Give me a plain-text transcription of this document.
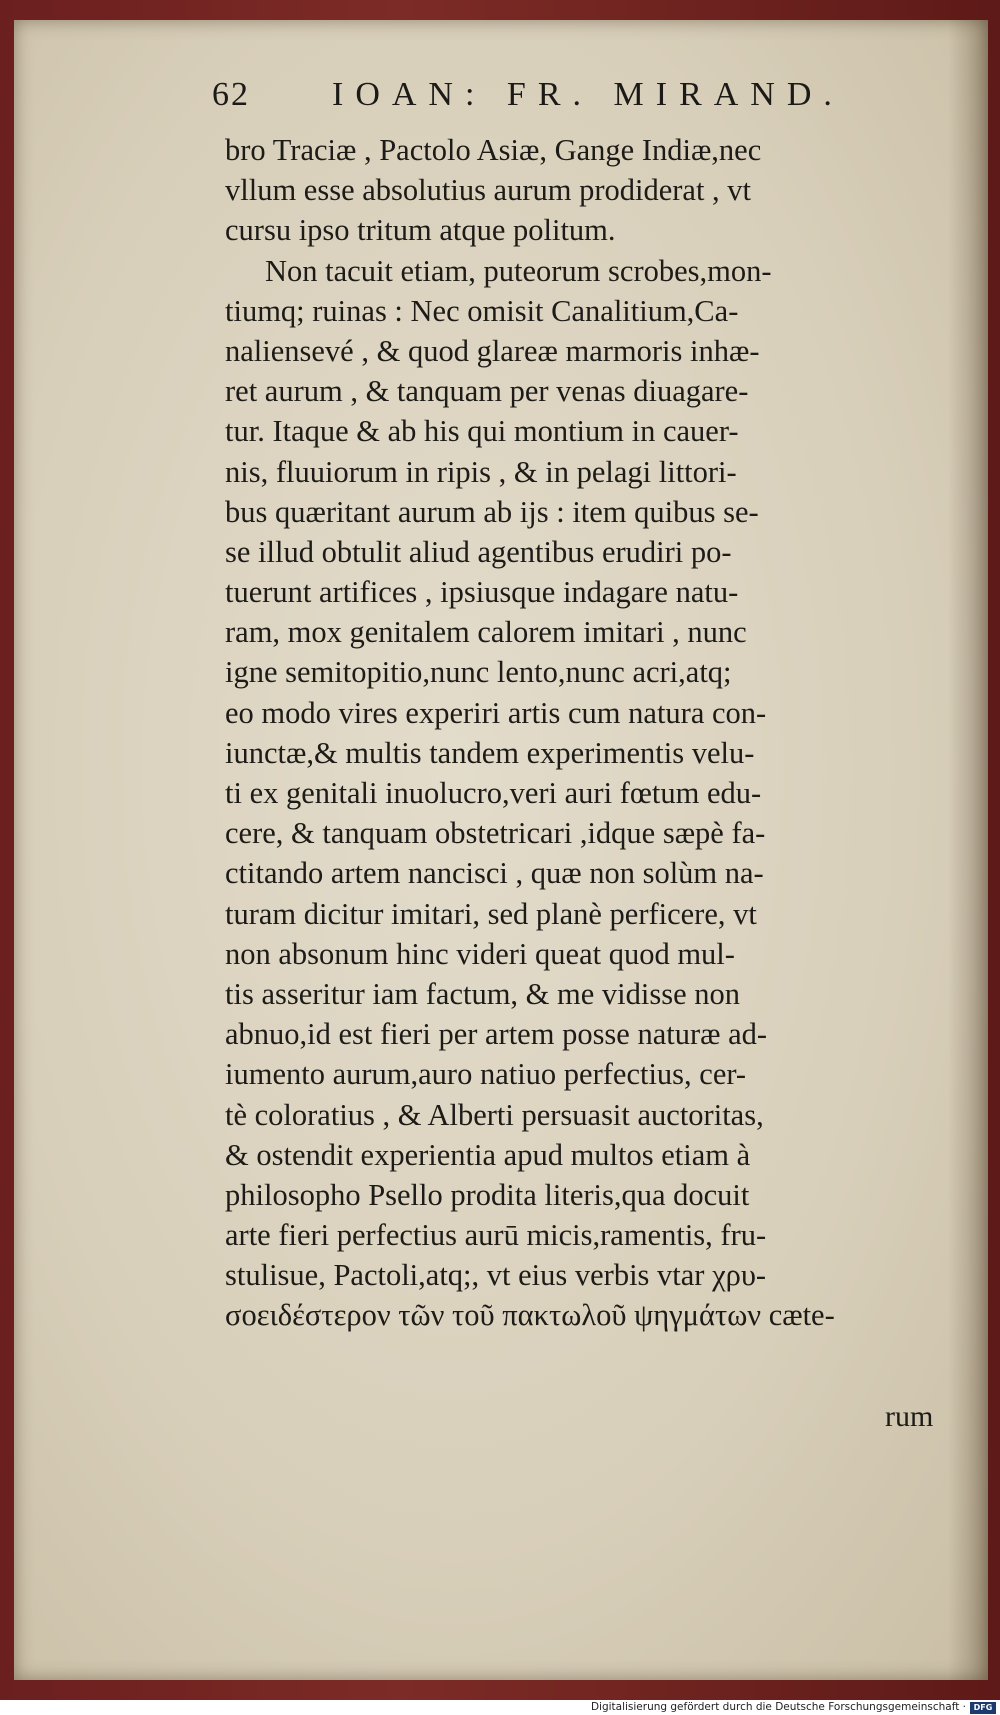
62 IOAN: FR. MIRAND.
bro Traciæ , Pactolo Asiæ, Gange Indiæ,nec
vllum esse absolutius aurum prodiderat , vt
cursu ipso tritum atque politum.
Non tacuit etiam, puteorum scrobes,mon-
tiumq; ruinas : Nec omisit Canalitium,Ca-
naliensevé , & quod glareæ marmoris inhæ-
ret aurum , & tanquam per venas diuagare-
tur. Itaque & ab his qui montium in cauer-
nis, fluuiorum in ripis , & in pelagi littori-
bus quæritant aurum ab ijs : item quibus se-
se illud obtulit aliud agentibus erudiri po-
tuerunt artifices , ipsiusque indagare natu-
ram, mox genitalem calorem imitari , nunc
igne semitopitio,nunc lento,nunc acri,atq;
eo modo vires experiri artis cum natura con-
iunctæ,& multis tandem experimentis velu-
ti ex genitali inuolucro,veri auri fœtum edu-
cere, & tanquam obstetricari ,idque sæpè fa-
ctitando artem nancisci , quæ non solùm na-
turam dicitur imitari, sed planè perficere, vt
non absonum hinc videri queat quod mul-
tis asseritur iam factum, & me vidisse non
abnuo,id est fieri per artem posse naturæ ad-
iumento aurum,auro natiuo perfectius, cer-
tè coloratius , & Alberti persuasit auctoritas,
& ostendit experientia apud multos etiam à
philosopho Psello prodita literis,qua docuit
arte fieri perfectius aurū micis,ramentis, fru-
stulisue, Pactoli,atq;, vt eius verbis vtar χρυ-
σοειδέστερον τῶν τοῦ πακτωλοῦ ψηγμάτων cæte-
rum
Digitalisierung gefördert durch die Deutsche Forschungsgemeinschaft · DFG
